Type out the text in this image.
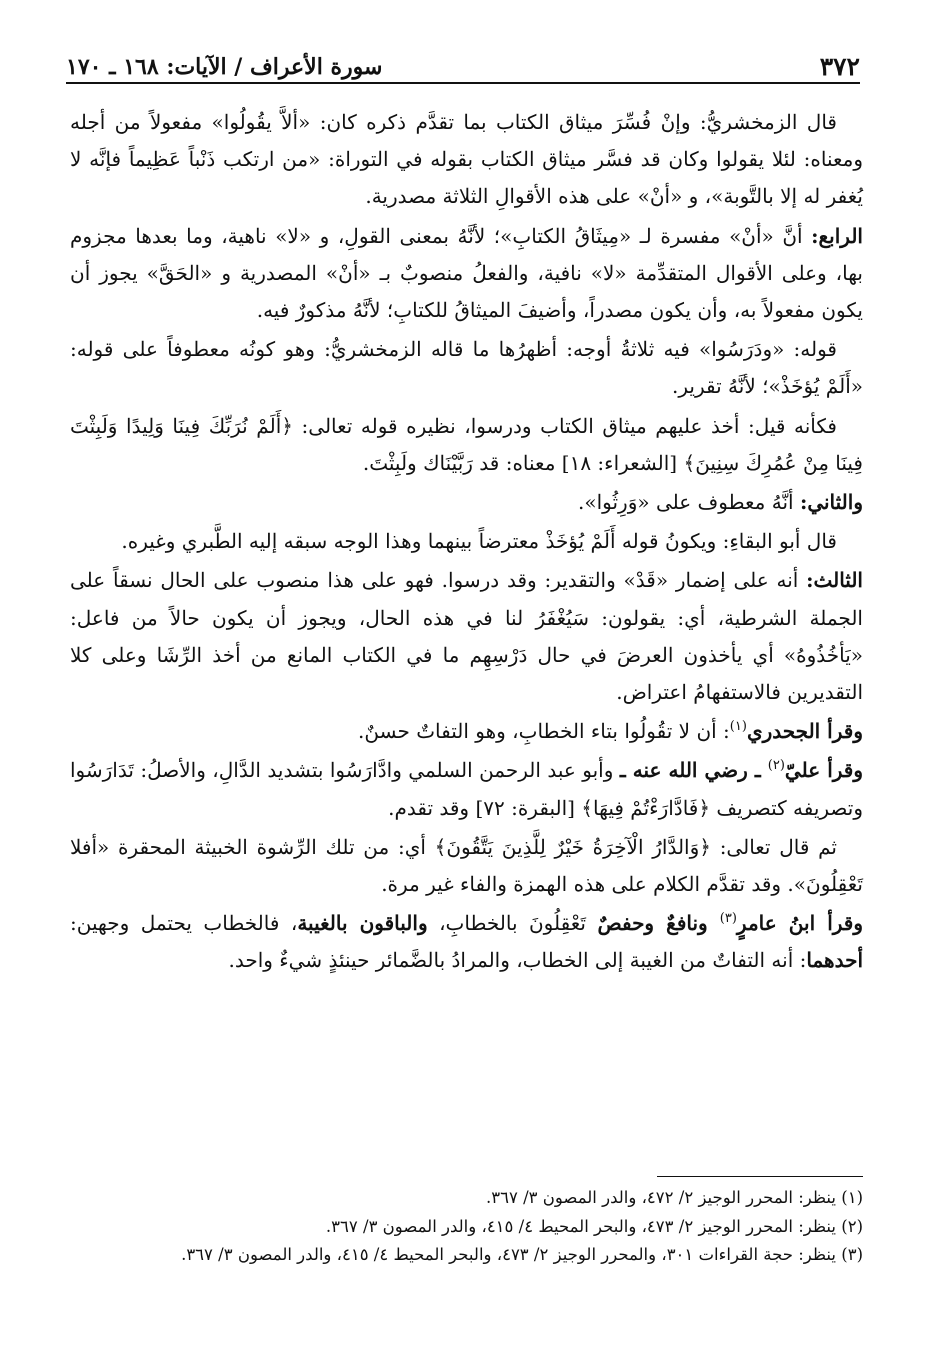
٣٧٢
سورة الأعراف / الآيات: ١٦٨ ـ ١٧٠

قال الزمخشريُّ: وإنْ فُسِّرَ ميثاق الكتاب بما تقدَّم ذكره كان: «ألاَّ يقُولُوا» مفعولاً من أجله ومعناه: لئلا يقولوا وكان قد فسَّر ميثاق الكتاب بقوله في التوراة: «من ارتكب ذَنْباً عَظِيماً فإنَّه لا يُغفر له إلا بالتَّوبة»، و «أنْ» على هذه الأقوالِ الثلاثة مصدرية.

الرابع: أنَّ «أنْ» مفسرة لـ «مِيثَاقُ الكتابِ»؛ لأنَّهُ بمعنى القولِ، و «لا» ناهية، وما بعدها مجزوم بها، وعلى الأقوال المتقدِّمة «لا» نافية، والفعلُ منصوبٌ بـ «أنْ» المصدرية و «الحَقَّ» يجوز أن يكون مفعولاً به، وأن يكون مصدراً، وأضيفَ الميثاقُ للكتابِ؛ لأنَّهُ مذكورٌ فيه.

قوله: «ودَرَسُوا» فيه ثلاثةُ أوجه: أظهرُها ما قاله الزمخشريُّ: وهو كونُه معطوفاً على قوله: «أَلَمْ يُؤخَذْ»؛ لأنَّهُ تقرير.

فكأنه قيل: أخذ عليهم ميثاق الكتاب ودرسوا، نظيره قوله تعالى: ﴿أَلَمْ نُرَبِّكَ فِينَا وَلِيدًا وَلَبِثْتَ فِينَا مِنْ عُمُرِكَ سِنِينَ﴾ [الشعراء: ١٨] معناه: قد رَبَّيْنَاك ولَبِثْتَ.

والثاني: أنَّهُ معطوف على «وَرِثُوا».

قال أبو البقاءِ: ويكونُ قوله أَلَمْ يُؤخَذْ معترضاً بينهما وهذا الوجه سبقه إليه الطَّبري وغيره.

الثالث: أنه على إضمار «قَدْ» والتقدير: وقد درسوا. فهو على هذا منصوب على الحال نسقاً على الجملة الشرطية، أي: يقولون: سَيُغْفَرُ لنا في هذه الحال، ويجوز أن يكون حالاً من فاعل: «يَأخُذُوهُ» أي يأخذون العرضَ في حال دَرْسِهِم ما في الكتاب المانع من أخذ الرِّشَا وعلى كلا التقديرين فالاستفهامُ اعتراض.

وقرأ الجحدري$^{(١)}$: أن لا تقُولُوا بتاء الخطابِ، وهو التفاتٌ حسنٌ.

وقرأ عليّ$^{(٢)}$ ـ رضي الله عنه ـ وأبو عبد الرحمن السلمي وادَّارَسُوا بتشديد الدَّالِ، والأصلُ: تَدَارَسُوا وتصريفه كتصريف ﴿فَادَّارَءْتُمْ فِيهَا﴾ [البقرة: ٧٢] وقد تقدم.

ثم قال تعالى: ﴿وَالدَّارُ الْآخِرَةُ خَيْرٌ لِلَّذِينَ يَتَّقُونَ﴾ أي: من تلك الرِّشوة الخبيثة المحقرة «أفلا تَعْقِلُونَ». وقد تقدَّم الكلام على هذه الهمزة والفاء غير مرة.

وقرأ ابنُ عامرٍ$^{(٣)}$ ونافعٌ وحفصٌ تَعْقِلُونَ بالخطابِ، والباقون بالغيبة، فالخطاب يحتمل وجهين: أحدهما: أنه التفاتٌ من الغيبة إلى الخطاب، والمرادُ بالضَّمائر حينئذٍ شيءٌ واحد.

(١) ينظر: المحرر الوجيز ٢/ ٤٧٢، والدر المصون ٣/ ٣٦٧.

(٢) ينظر: المحرر الوجيز ٢/ ٤٧٣، والبحر المحيط ٤/ ٤١٥، والدر المصون ٣/ ٣٦٧.

(٣) ينظر: حجة القراءات ٣٠١، والمحرر الوجيز ٢/ ٤٧٣، والبحر المحيط ٤/ ٤١٥، والدر المصون ٣/ ٣٦٧.
